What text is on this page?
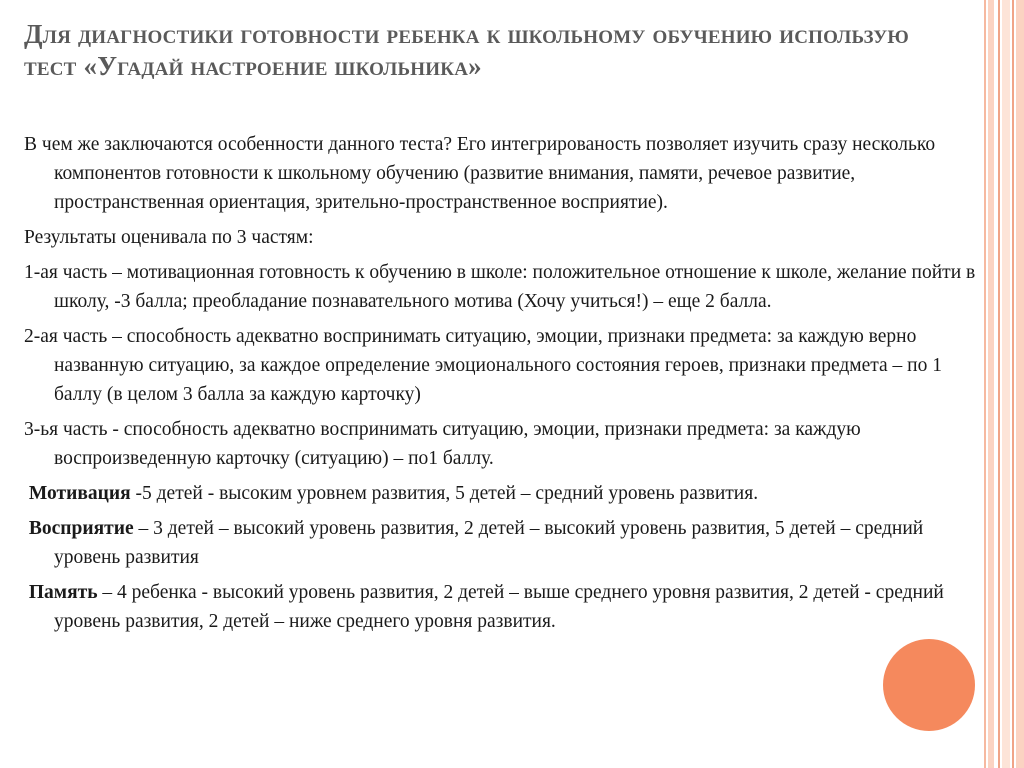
Для диагностики готовности ребенка к школьному обучению использую
тест «Угадай настроение школьника»

В чем же заключаются особенности данного теста? Его интегрированость позволяет изучить сразу несколько компонентов готовности к школьному обучению (развитие внимания, памяти, речевое развитие, пространственная ориентация, зрительно-пространственное восприятие).

Результаты оценивала по 3 частям:

1-ая часть – мотивационная готовность к обучению в школе: положительное отношение к школе, желание пойти в школу, -3 балла; преобладание познавательного мотива (Хочу учиться!) – еще 2 балла.

2-ая часть – способность адекватно воспринимать ситуацию, эмоции, признаки предмета: за каждую верно названную ситуацию, за каждое определение эмоционального состояния героев, признаки предмета – по 1 баллу (в целом 3 балла за каждую карточку)

3-ья часть - способность адекватно воспринимать ситуацию, эмоции, признаки предмета: за каждую воспроизведенную карточку (ситуацию) – по1 баллу.

Мотивация -5 детей - высоким уровнем развития, 5 детей – средний уровень развития.

Восприятие – 3 детей – высокий уровень развития, 2 детей – высокий уровень развития, 5 детей – средний уровень развития

Память – 4 ребенка - высокий уровень развития, 2 детей – выше среднего уровня развития, 2 детей - средний уровень развития, 2 детей – ниже среднего уровня развития.
